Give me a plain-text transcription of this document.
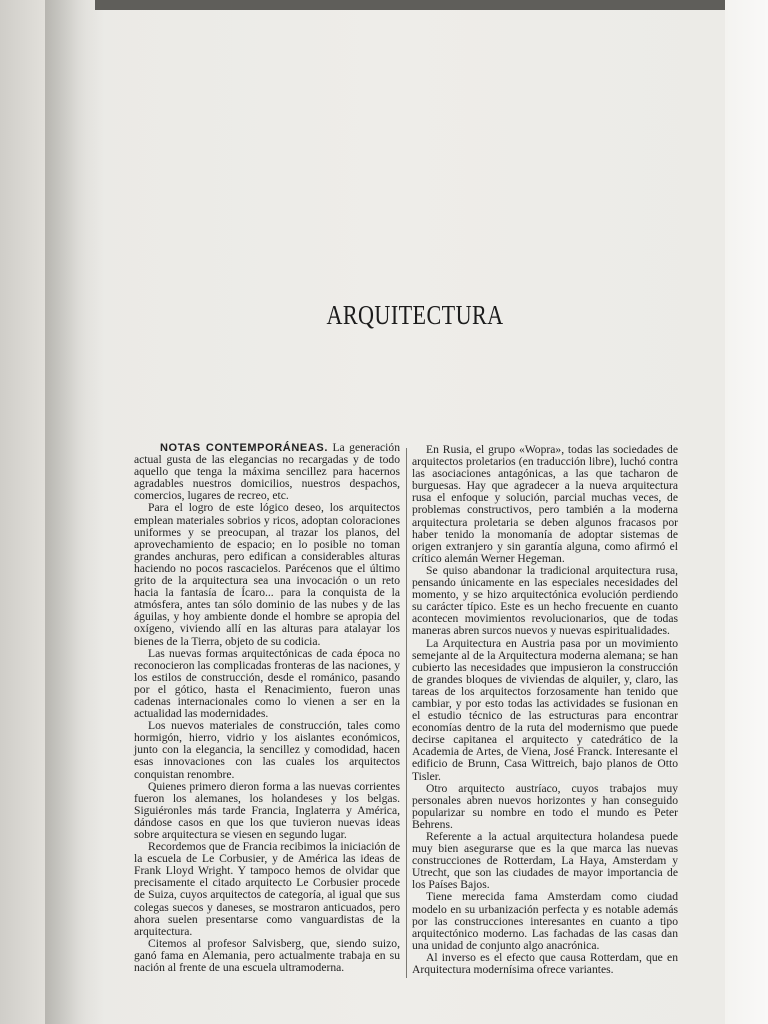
ARQUITECTURA

NOTAS CONTEMPORÁNEAS. La generación actual gusta de las elegancias no recargadas y de todo aquello que tenga la máxima sencillez para hacernos agradables nuestros domicilios, nuestros despachos, comercios, lugares de recreo, etc.

Para el logro de este lógico deseo, los arquitectos emplean materiales sobrios y ricos, adoptan coloraciones uniformes y se preocupan, al trazar los planos, del aprovechamiento de espacio; en lo posible no toman grandes anchuras, pero edifican a considerables alturas haciendo no pocos rascacielos. Parécenos que el último grito de la arquitectura sea una invocación o un reto hacia la fantasía de Ícaro... para la conquista de la atmósfera, antes tan sólo dominio de las nubes y de las águilas, y hoy ambiente donde el hombre se apropia del oxígeno, viviendo allí en las alturas para atalayar los bienes de la Tierra, objeto de su codicia.

Las nuevas formas arquitectónicas de cada época no reconocieron las complicadas fronteras de las naciones, y los estilos de construcción, desde el románico, pasando por el gótico, hasta el Renacimiento, fueron unas cadenas internacionales como lo vienen a ser en la actualidad las modernidades.

Los nuevos materiales de construcción, tales como hormigón, hierro, vidrio y los aislantes económicos, junto con la elegancia, la sencillez y comodidad, hacen esas innovaciones con las cuales los arquitectos conquistan renombre.

Quienes primero dieron forma a las nuevas corrientes fueron los alemanes, los holandeses y los belgas. Siguiéronles más tarde Francia, Inglaterra y América, dándose casos en que los que tuvieron nuevas ideas sobre arquitectura se viesen en segundo lugar.

Recordemos que de Francia recibimos la iniciación de la escuela de Le Corbusier, y de América las ideas de Frank Lloyd Wright. Y tampoco hemos de olvidar que precisamente el citado arquitecto Le Corbusier procede de Suiza, cuyos arquitectos de categoría, al igual que sus colegas suecos y daneses, se mostraron anticuados, pero ahora suelen presentarse como vanguardistas de la arquitectura.

Citemos al profesor Salvisberg, que, siendo suizo, ganó fama en Alemania, pero actualmente trabaja en su nación al frente de una escuela ultramoderna.

En Rusia, el grupo «Wopra», todas las sociedades de arquitectos proletarios (en traducción libre), luchó contra las asociaciones antagónicas, a las que tacharon de burguesas. Hay que agradecer a la nueva arquitectura rusa el enfoque y solución, parcial muchas veces, de problemas constructivos, pero también a la moderna arquitectura proletaria se deben algunos fracasos por haber tenido la monomanía de adoptar sistemas de origen extranjero y sin garantía alguna, como afirmó el crítico alemán Werner Hegeman.

Se quiso abandonar la tradicional arquitectura rusa, pensando únicamente en las especiales necesidades del momento, y se hizo arquitectónica evolución perdiendo su carácter típico. Este es un hecho frecuente en cuanto acontecen movimientos revolucionarios, que de todas maneras abren surcos nuevos y nuevas espiritualidades.

La Arquitectura en Austria pasa por un movimiento semejante al de la Arquitectura moderna alemana; se han cubierto las necesidades que impusieron la construcción de grandes bloques de viviendas de alquiler, y, claro, las tareas de los arquitectos forzosamente han tenido que cambiar, y por esto todas las actividades se fusionan en el estudio técnico de las estructuras para encontrar economías dentro de la ruta del modernismo que puede decirse capitanea el arquitecto y catedrático de la Academia de Artes, de Viena, José Franck. Interesante el edificio de Brunn, Casa Wittreich, bajo planos de Otto Tisler.

Otro arquitecto austríaco, cuyos trabajos muy personales abren nuevos horizontes y han conseguido popularizar su nombre en todo el mundo es Peter Behrens.

Referente a la actual arquitectura holandesa puede muy bien asegurarse que es la que marca las nuevas construcciones de Rotterdam, La Haya, Amsterdam y Utrecht, que son las ciudades de mayor importancia de los Países Bajos.

Tiene merecida fama Amsterdam como ciudad modelo en su urbanización perfecta y es notable además por las construcciones interesantes en cuanto a tipo arquitectónico moderno. Las fachadas de las casas dan una unidad de conjunto algo anacrónica.

Al inverso es el efecto que causa Rotterdam, que en Arquitectura modernísima ofrece variantes.
